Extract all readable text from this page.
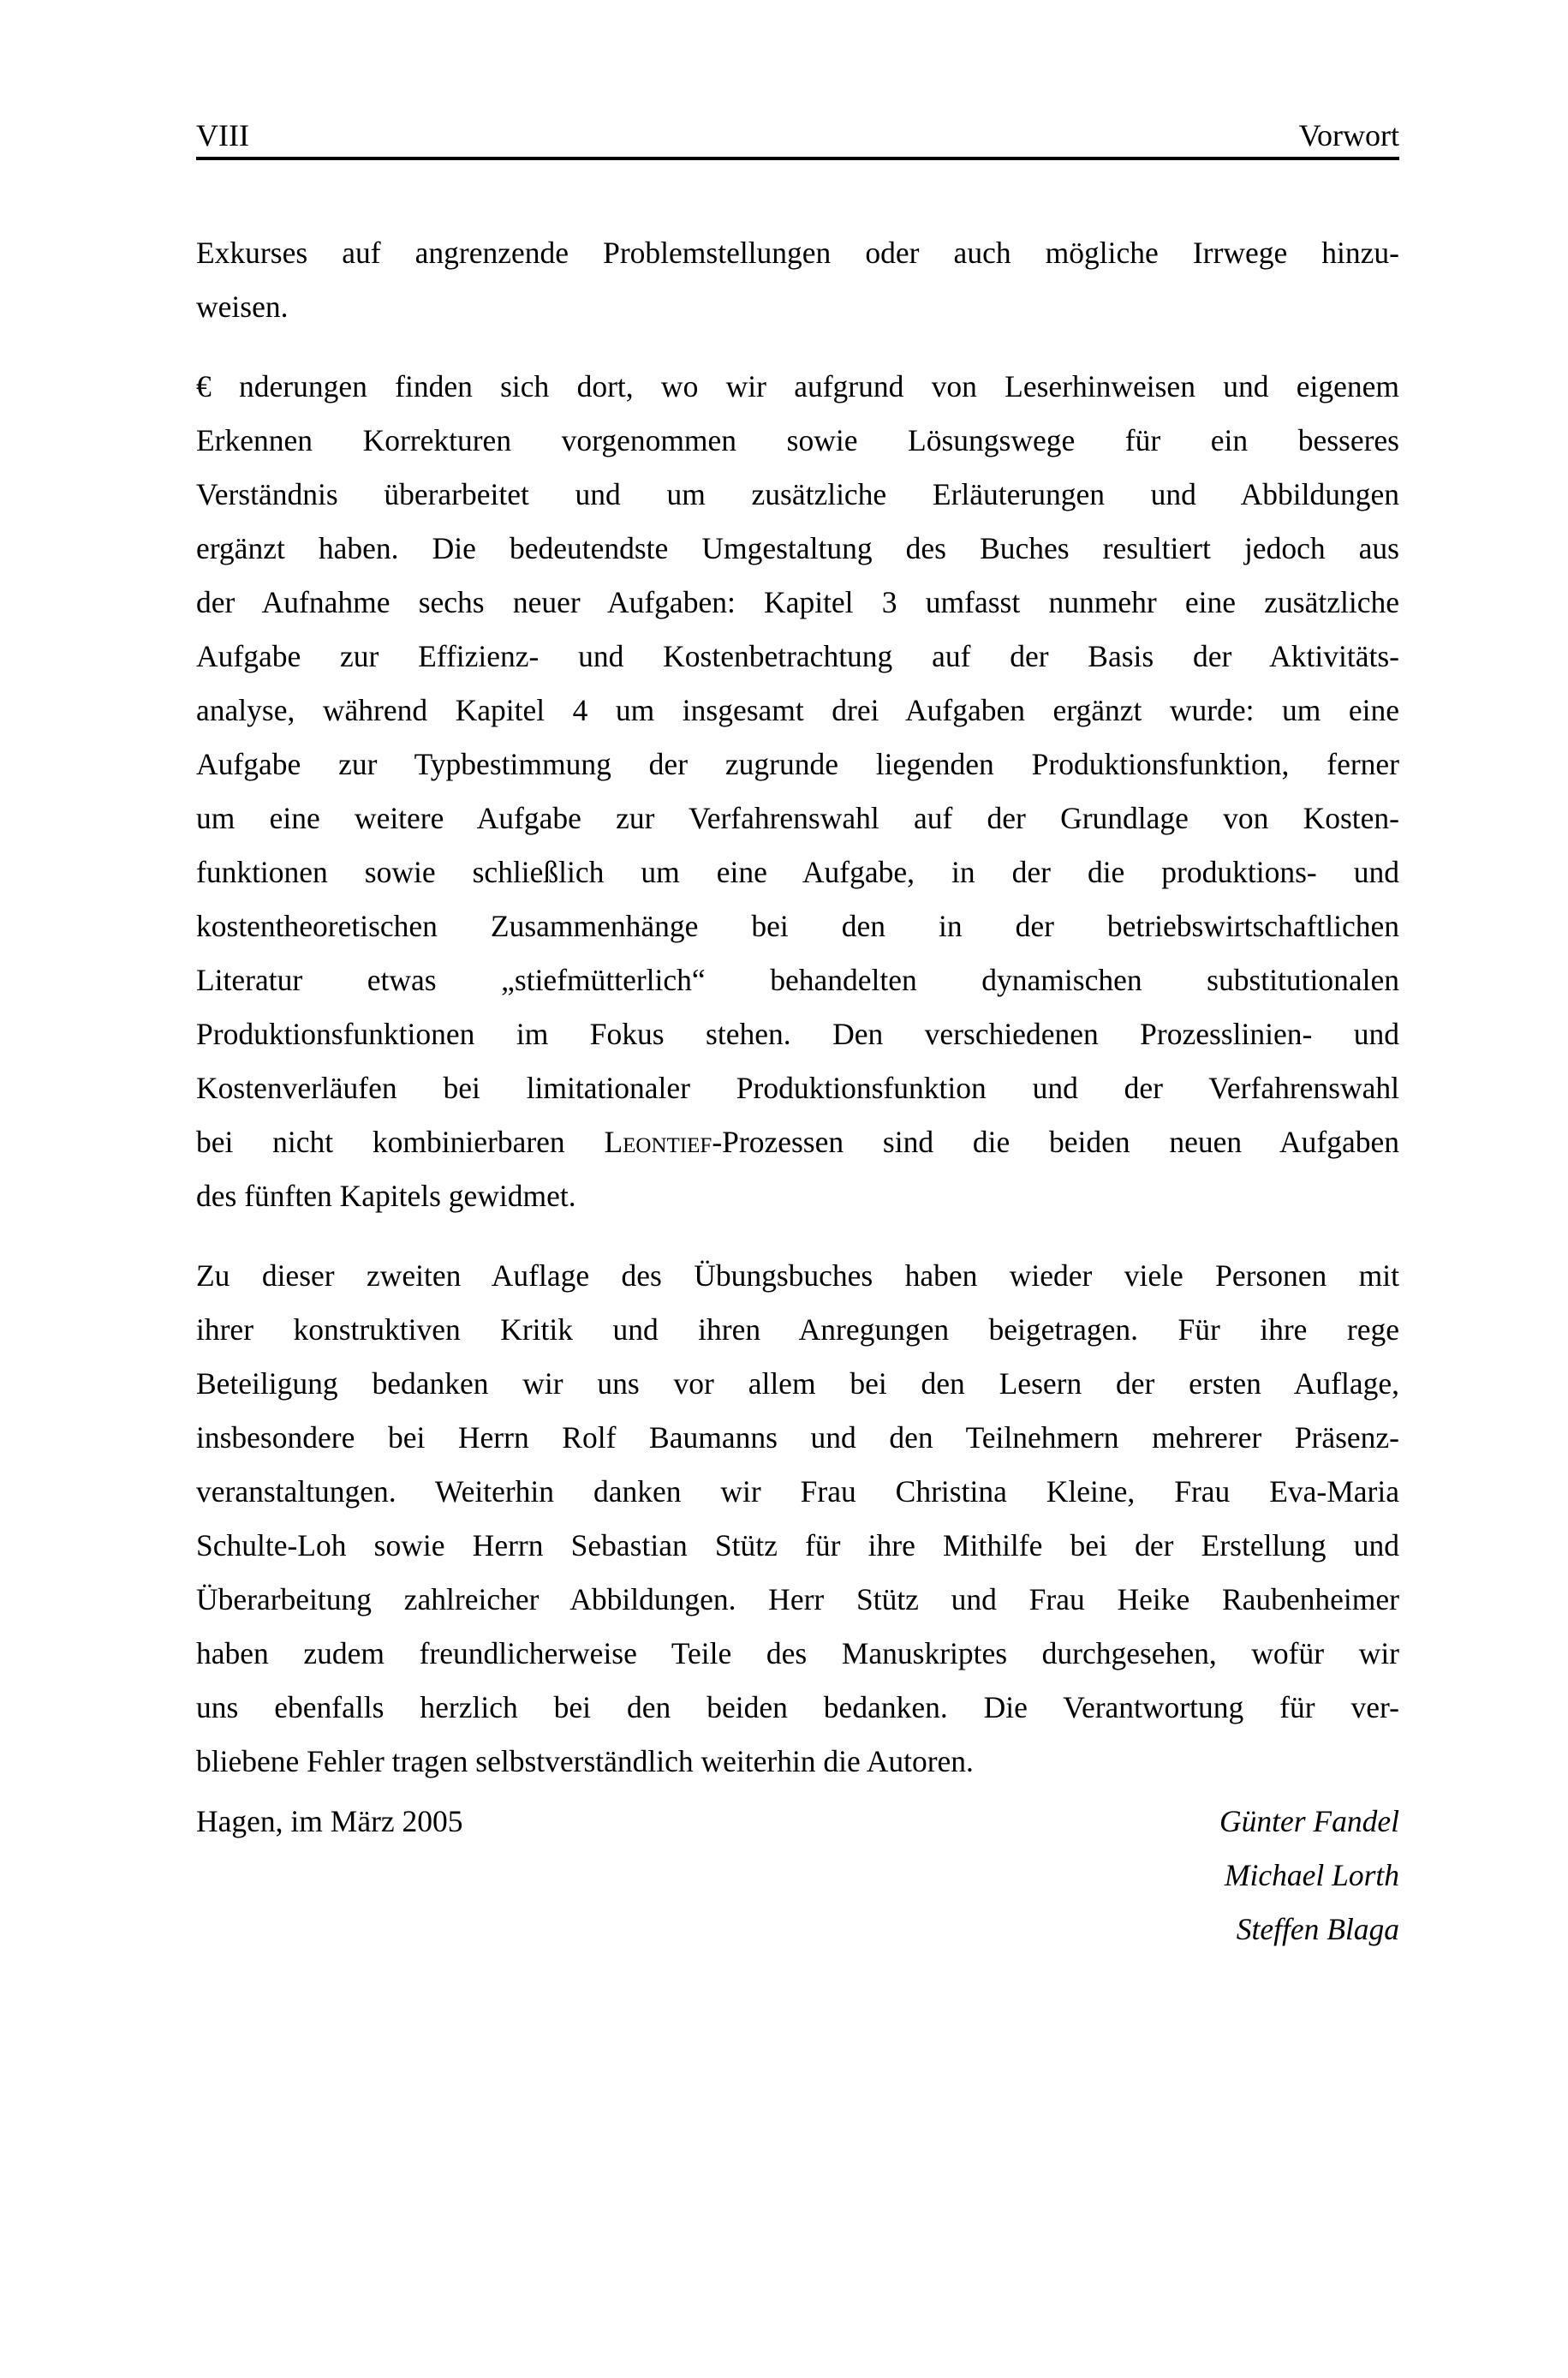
VIII	Vorwort

Exkurses auf angrenzende Problemstellungen oder auch mögliche Irrwege hinzu-
weisen.

€ nderungen finden sich dort, wo wir aufgrund von Leserhinweisen und eigenem
Erkennen Korrekturen vorgenommen sowie Lösungswege für ein besseres
Verständnis überarbeitet und um zusätzliche Erläuterungen und Abbildungen
ergänzt haben. Die bedeutendste Umgestaltung des Buches resultiert jedoch aus
der Aufnahme sechs neuer Aufgaben: Kapitel 3 umfasst nunmehr eine zusätzliche
Aufgabe zur Effizienz- und Kostenbetrachtung auf der Basis der Aktivitäts-
analyse, während Kapitel 4 um insgesamt drei Aufgaben ergänzt wurde: um eine
Aufgabe zur Typbestimmung der zugrunde liegenden Produktionsfunktion, ferner
um eine weitere Aufgabe zur Verfahrenswahl auf der Grundlage von Kosten-
funktionen sowie schließlich um eine Aufgabe, in der die produktions- und
kostentheoretischen Zusammenhänge bei den in der betriebswirtschaftlichen
Literatur etwas „stiefmütterlich“ behandelten dynamischen substitutionalen
Produktionsfunktionen im Fokus stehen. Den verschiedenen Prozesslinien- und
Kostenverläufen bei limitationaler Produktionsfunktion und der Verfahrenswahl
bei nicht kombinierbaren Leontief-Prozessen sind die beiden neuen Aufgaben
des fünften Kapitels gewidmet.

Zu dieser zweiten Auflage des Übungsbuches haben wieder viele Personen mit
ihrer konstruktiven Kritik und ihren Anregungen beigetragen. Für ihre rege
Beteiligung bedanken wir uns vor allem bei den Lesern der ersten Auflage,
insbesondere bei Herrn Rolf Baumanns und den Teilnehmern mehrerer Präsenz-
veranstaltungen. Weiterhin danken wir Frau Christina Kleine, Frau Eva-Maria
Schulte-Loh sowie Herrn Sebastian Stütz für ihre Mithilfe bei der Erstellung und
Überarbeitung zahlreicher Abbildungen. Herr Stütz und Frau Heike Raubenheimer
haben zudem freundlicherweise Teile des Manuskriptes durchgesehen, wofür wir
uns ebenfalls herzlich bei den beiden bedanken. Die Verantwortung für ver-
bliebene Fehler tragen selbstverständlich weiterhin die Autoren.

Hagen, im März 2005	Günter Fandel
Michael Lorth
Steffen Blaga
